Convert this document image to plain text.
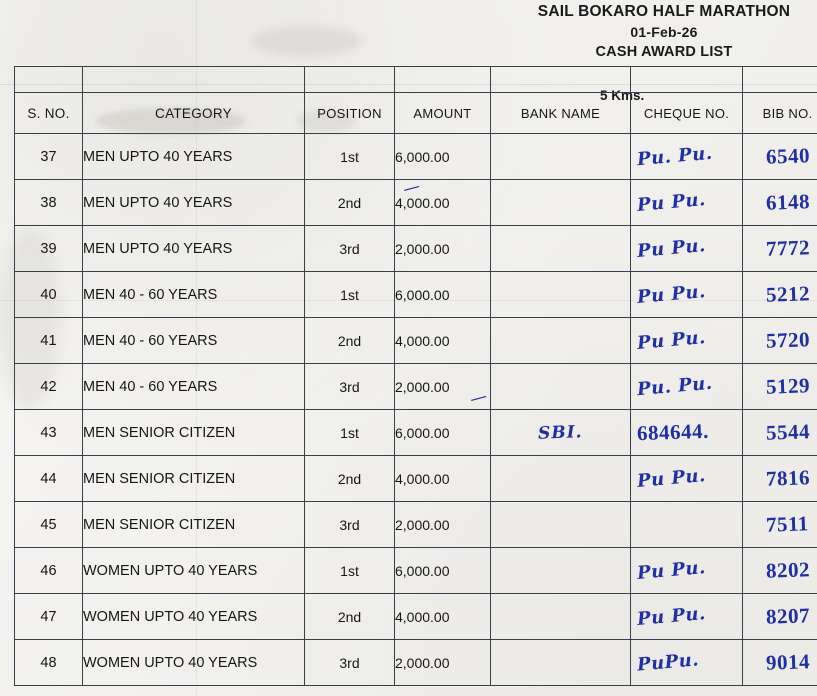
SAIL BOKARO HALF MARATHON
01-Feb-26
CASH AWARD LIST
5 Kms.

S. NO.	CATEGORY	POSITION	AMOUNT	BANK NAME	CHEQUE NO.	BIB NO.
37	MEN UPTO 40 YEARS	1st	6,000.00		Pu. Pu.	6540

38	MEN UPTO 40 YEARS	2nd	4,000.00		Pu Pu.	6148

39	MEN UPTO 40 YEARS	3rd	2,000.00		Pu Pu.	7772

40	MEN 40 - 60 YEARS	1st	6,000.00		Pu Pu.	5212

41	MEN 40 - 60 YEARS	2nd	4,000.00		Pu Pu.	5720

42	MEN 40 - 60 YEARS	3rd	2,000.00		Pu. Pu.	5129

43	MEN SENIOR CITIZEN	1st	6,000.00	SBI.	684644.	5544

44	MEN SENIOR CITIZEN	2nd	4,000.00		Pu Pu.	7816

45	MEN SENIOR CITIZEN	3rd	2,000.00			7511

46	WOMEN UPTO 40 YEARS	1st	6,000.00		Pu Pu.	8202

47	WOMEN UPTO 40 YEARS	2nd	4,000.00		Pu Pu.	8207

48	WOMEN UPTO 40 YEARS	3rd	2,000.00		PuPu.	9014
—
—
